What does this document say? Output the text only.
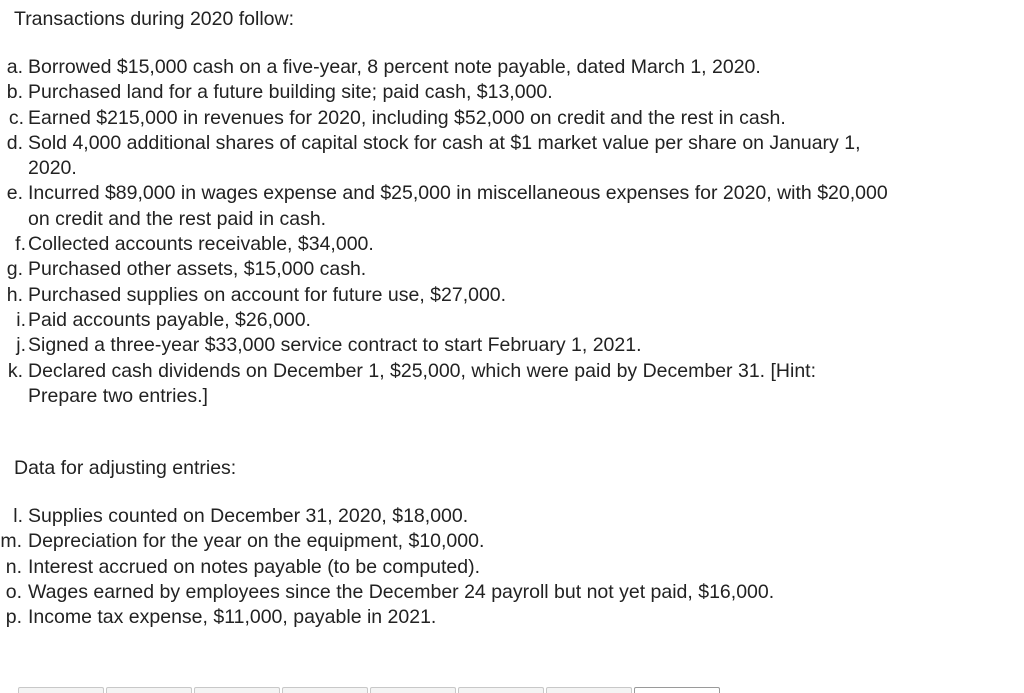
Transactions during 2020 follow:
a. Borrowed $15,000 cash on a five-year, 8 percent note payable, dated March 1, 2020.
b. Purchased land for a future building site; paid cash, $13,000.
c. Earned $215,000 in revenues for 2020, including $52,000 on credit and the rest in cash.
d. Sold 4,000 additional shares of capital stock for cash at $1 market value per share on January 1, 2020.
e. Incurred $89,000 in wages expense and $25,000 in miscellaneous expenses for 2020, with $20,000 on credit and the rest paid in cash.
f. Collected accounts receivable, $34,000.
g. Purchased other assets, $15,000 cash.
h. Purchased supplies on account for future use, $27,000.
i. Paid accounts payable, $26,000.
j. Signed a three-year $33,000 service contract to start February 1, 2021.
k. Declared cash dividends on December 1, $25,000, which were paid by December 31. [Hint: Prepare two entries.]
Data for adjusting entries:
l. Supplies counted on December 31, 2020, $18,000.
m. Depreciation for the year on the equipment, $10,000.
n. Interest accrued on notes payable (to be computed).
o. Wages earned by employees since the December 24 payroll but not yet paid, $16,000.
p. Income tax expense, $11,000, payable in 2021.
